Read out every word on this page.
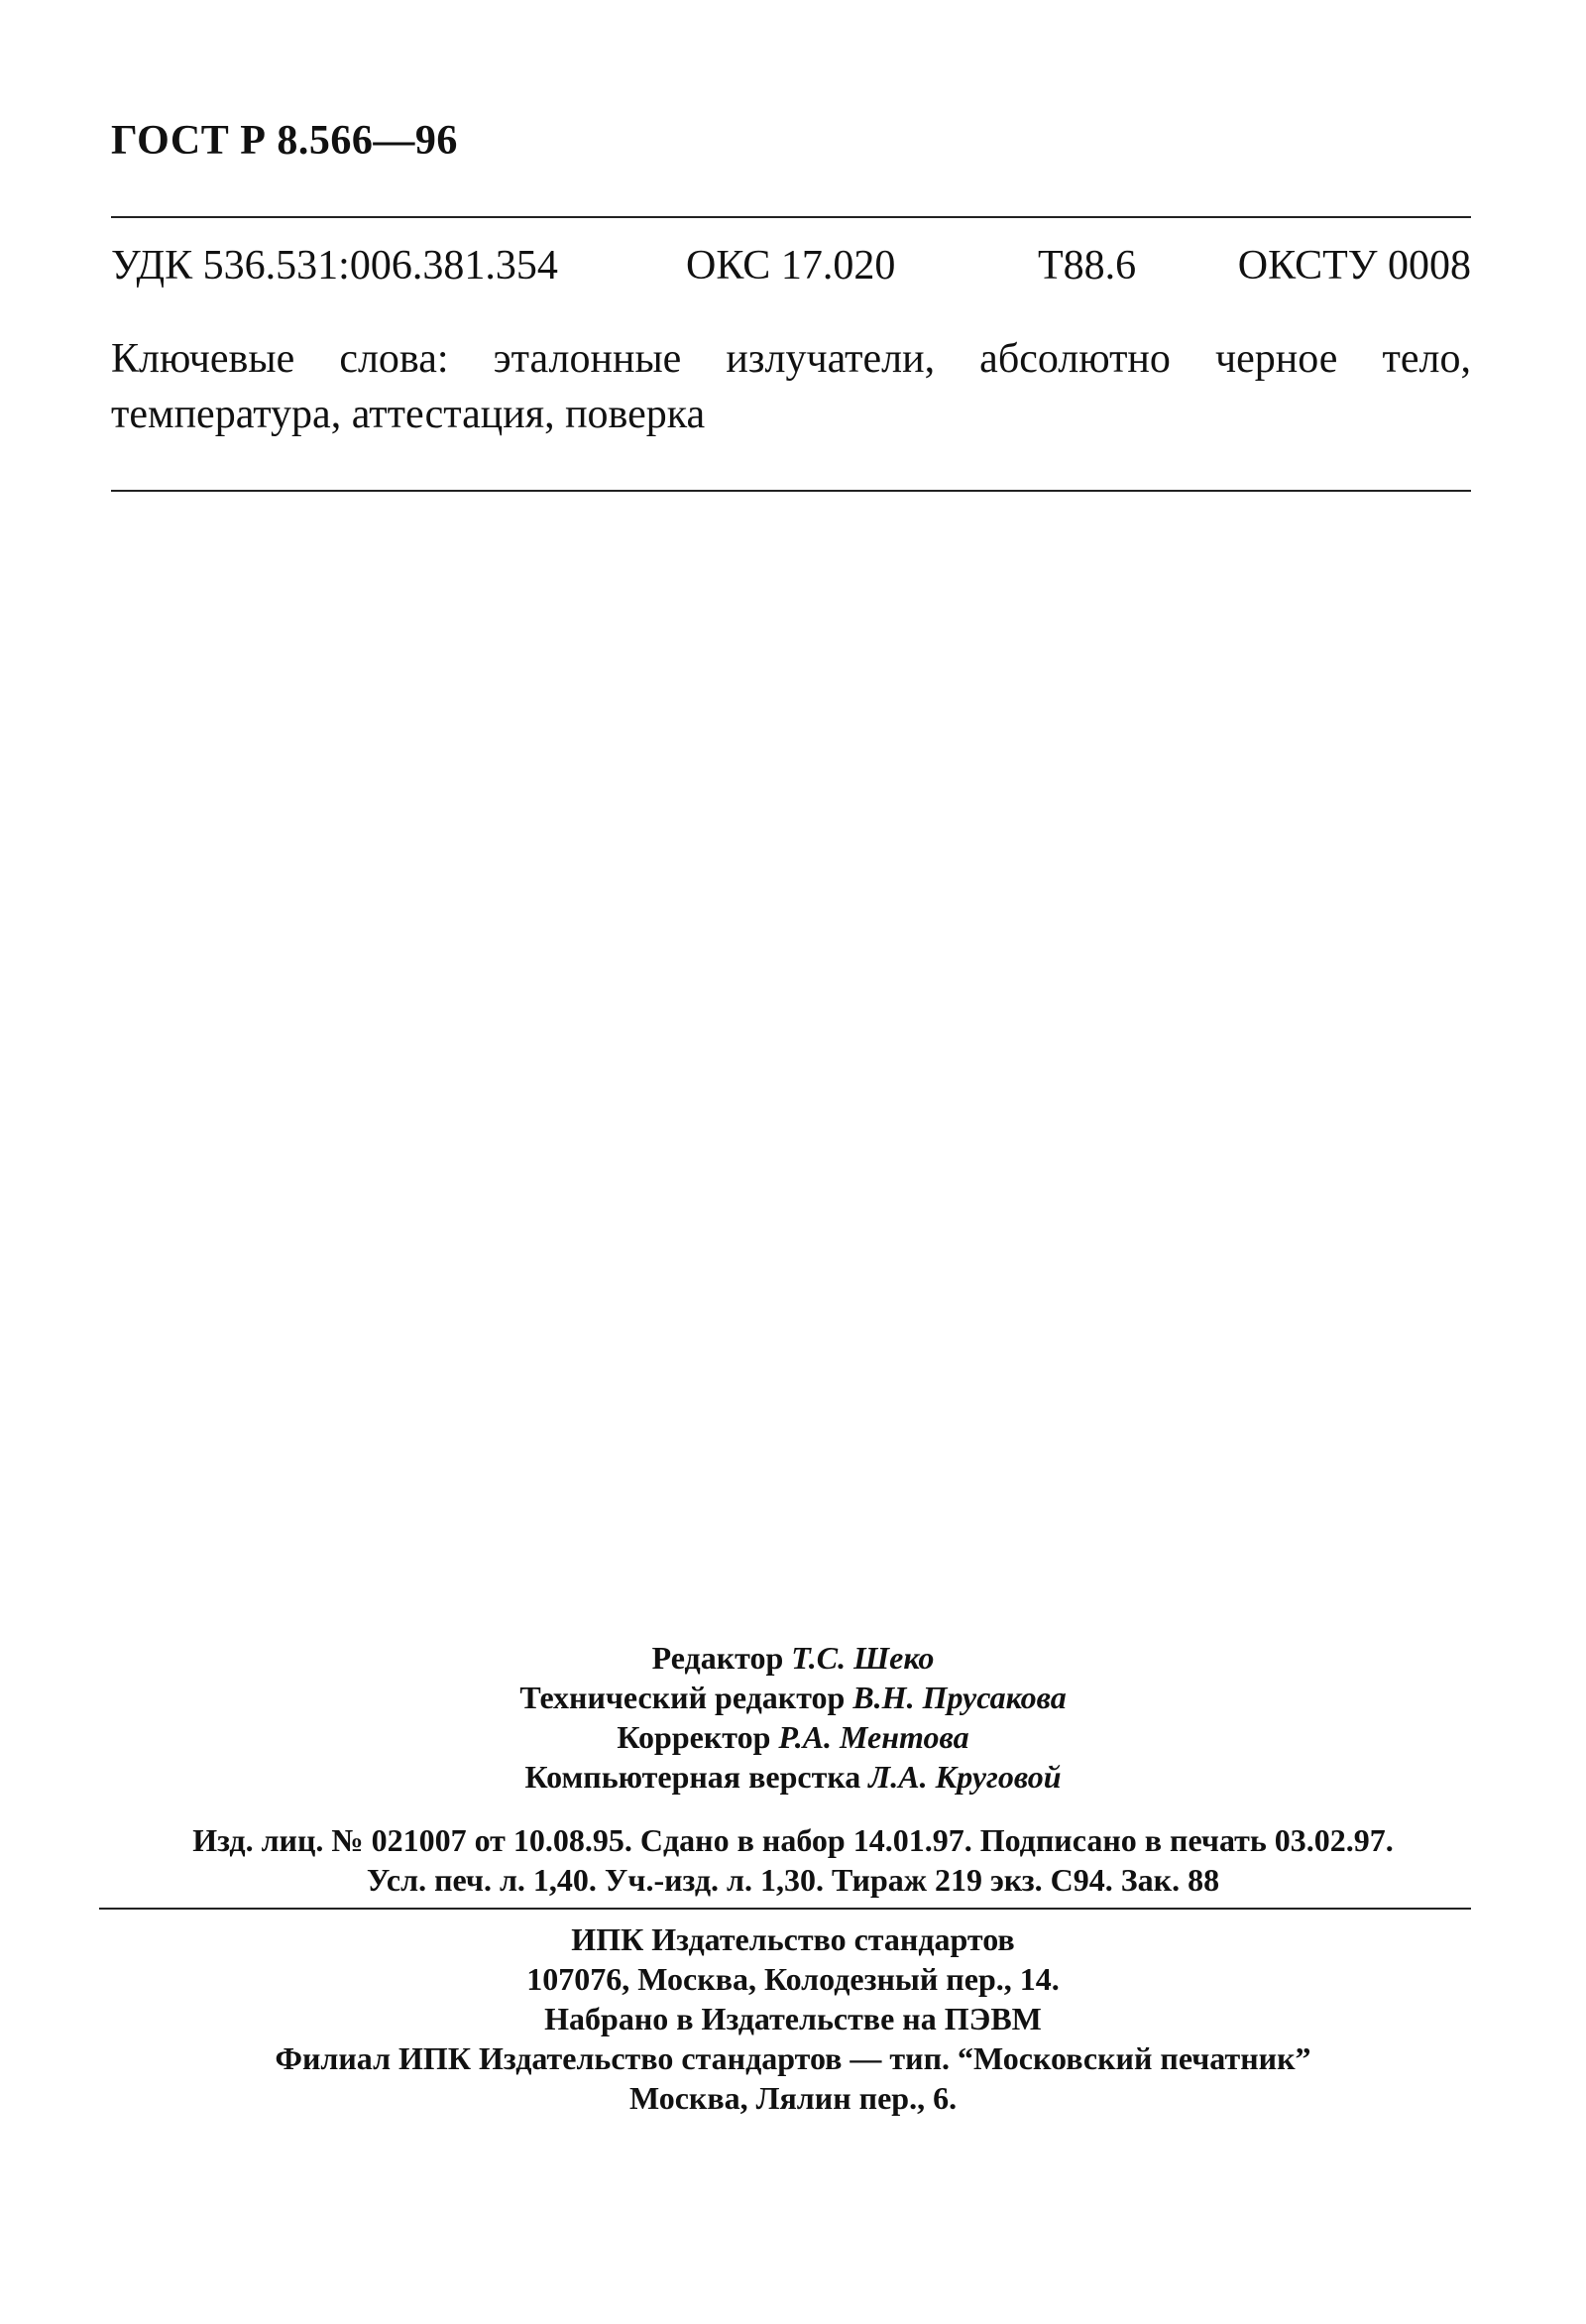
ГОСТ Р 8.566—96
УДК 536.531:006.381.354	ОКС 17.020	Т88.6 ОКСТУ 0008
Ключевые слова: эталонные излучатели, абсолютно черное тело, температура, аттестация, поверка
Редактор Т.С. Шеко
Технический редактор В.Н. Прусакова
Корректор Р.А. Ментова
Компьютерная верстка Л.А. Круговой
Изд. лиц. № 021007 от 10.08.95. Сдано в набор 14.01.97. Подписано в печать 03.02.97.
Усл. печ. л. 1,40. Уч.-изд. л. 1,30. Тираж 219 экз. С94. Зак. 88
ИПК Издательство стандартов
107076, Москва, Колодезный пер., 14.
Набрано в Издательстве на ПЭВМ
Филиал ИПК Издательство стандартов — тип. “Московский печатник”
Москва, Лялин пер., 6.
